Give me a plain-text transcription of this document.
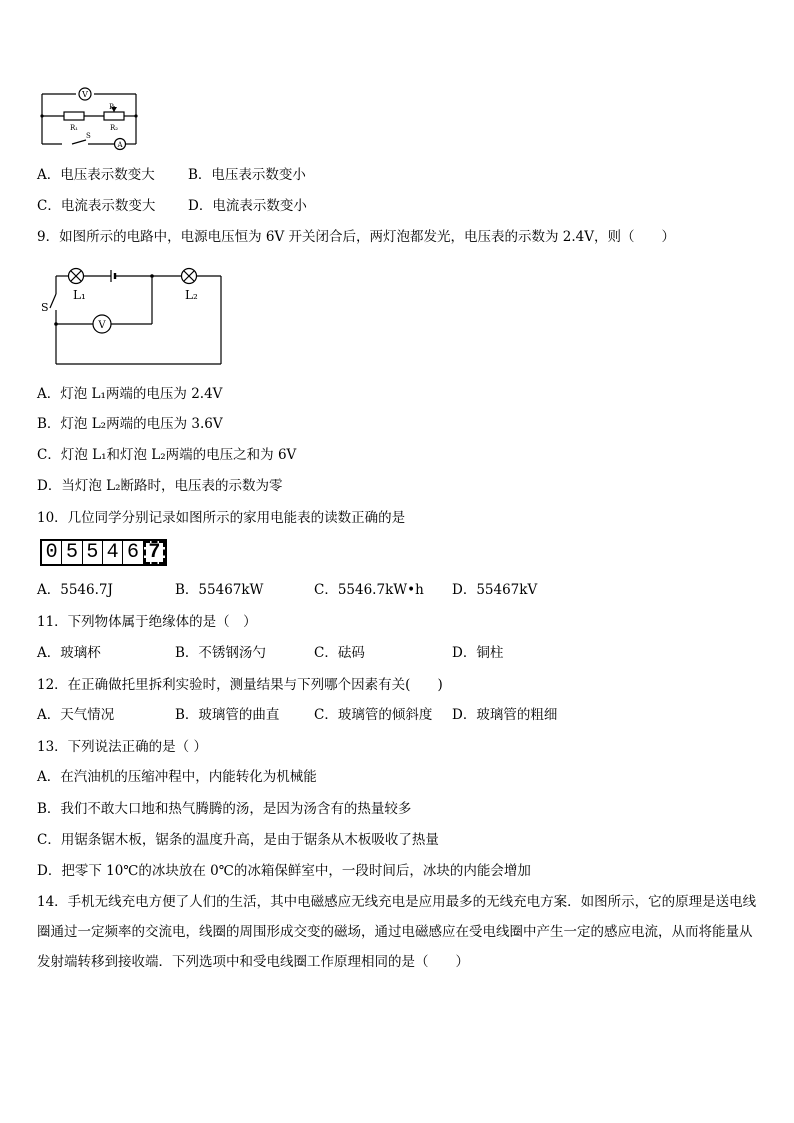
V
A
P
R₁	R₂
S
A．电压表示数变大 B．电压表示数变小
C．电流表示数变大 D．电流表示数变小
9．如图所示的电路中，电源电压恒为 6V 开关闭合后，两灯泡都发光，电压表的示数为 2.4V，则（　　）
S
L₁	L₂
V
A．灯泡 L₁两端的电压为 2.4V
B．灯泡 L₂两端的电压为 3.6V
C．灯泡 L₁和灯泡 L₂两端的电压之和为 6V
D．当灯泡 L₂断路时，电压表的示数为零
10．几位同学分别记录如图所示的家用电能表的读数正确的是
0 5 5 4 6 7
A．5546.7J	B．55467kW	C．5546.7kW•h D．55467kV
11．下列物体属于绝缘体的是（　）
A．玻璃杯	B．不锈钢汤勺	C．砝码	D．铜柱
12．在正确做托里拆利实验时，测量结果与下列哪个因素有关(　　)
A．天气情况	B．玻璃管的曲直	C．玻璃管的倾斜度 D．玻璃管的粗细
13．下列说法正确的是（ ）
A．在汽油机的压缩冲程中，内能转化为机械能
B．我们不敢大口地和热气腾腾的汤，是因为汤含有的热量较多
C．用锯条锯木板，锯条的温度升高，是由于锯条从木板吸收了热量
D．把零下 10℃的冰块放在 0℃的冰箱保鲜室中，一段时间后，冰块的内能会增加
14．手机无线充电方便了人们的生活，其中电磁感应无线充电是应用最多的无线充电方案．如图所示，它的原理是送电线圈通过一定频率的交流电，线圈的周围形成交变的磁场，通过电磁感应在受电线圈中产生一定的感应电流，从而将能量从发射端转移到接收端．下列选项中和受电线圈工作原理相同的是（　　）
